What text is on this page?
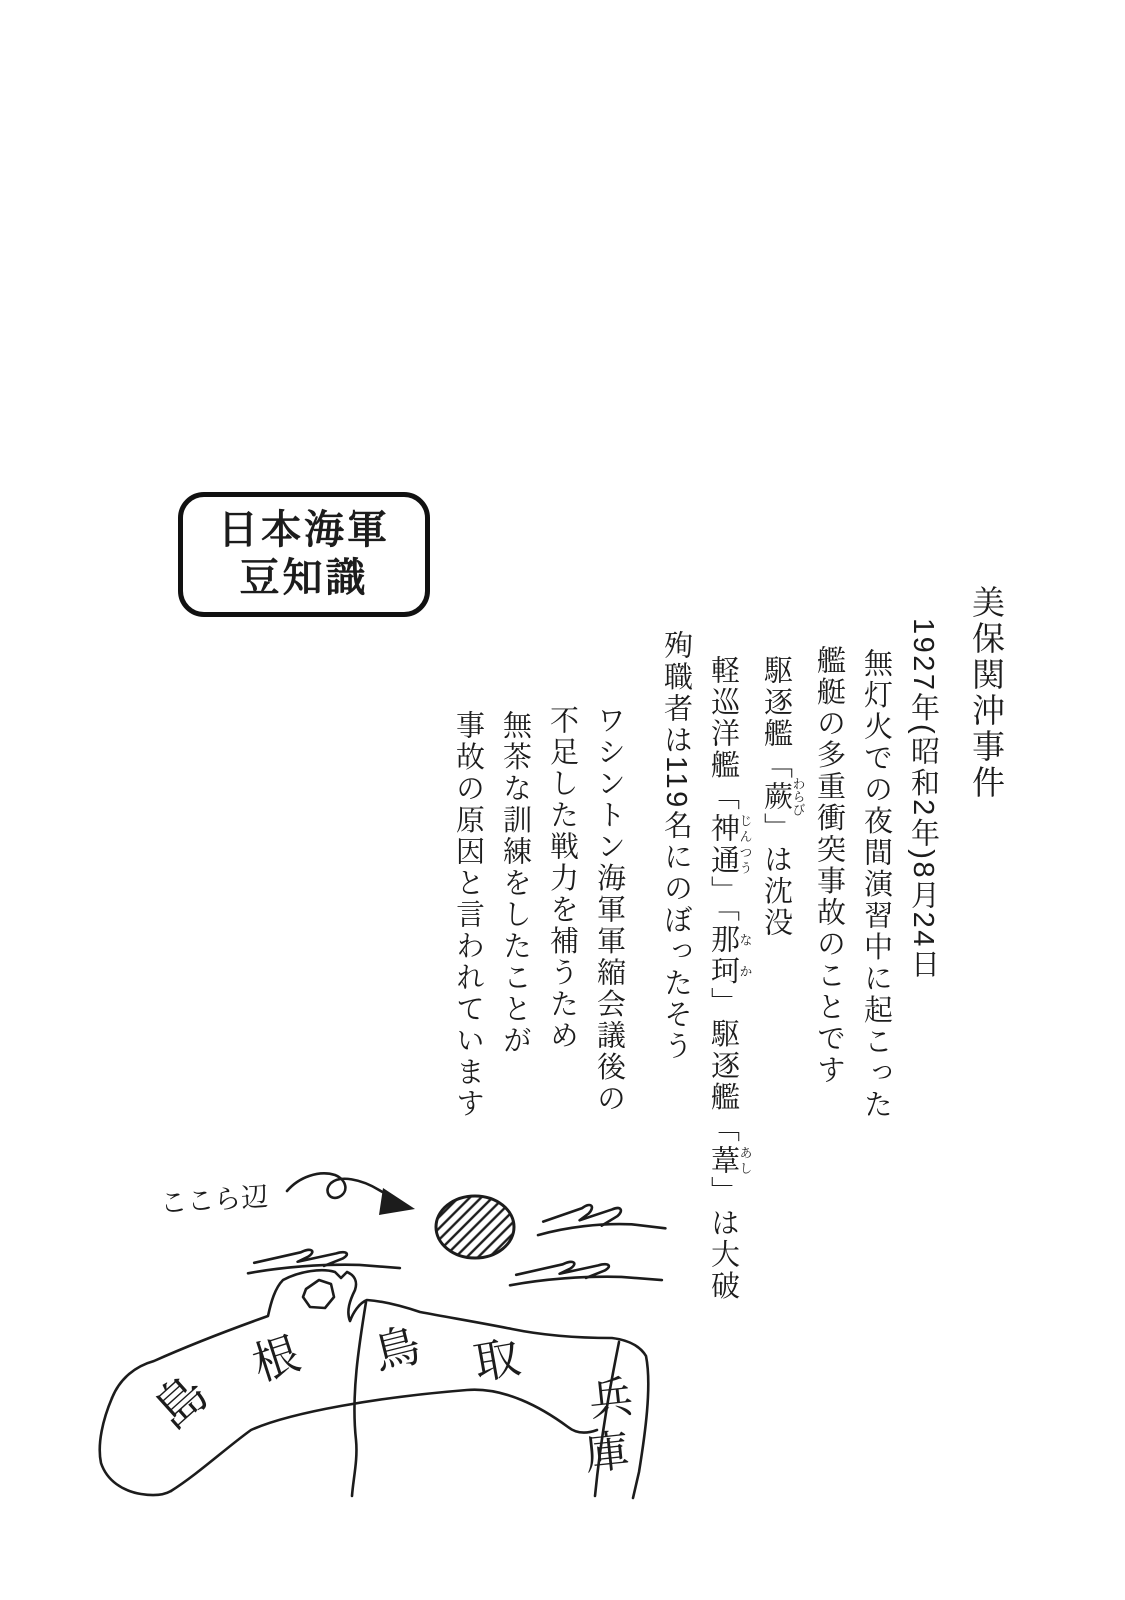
日本海軍
豆知識

美保関沖事件

1927年(昭和2年)8月24日

無灯火での夜間演習中に起こった

艦艇の多重衝突事故のことです

駆逐艦「蕨わらび」は沈没

軽巡洋艦「神通じんつう」「那珂なか」駆逐艦「葦あし」は大破

殉職者は119名にのぼったそう

ワシントン海軍軍縮会議後の

不足した戦力を補うため

無茶な訓練をしたことが

事故の原因と言われています

ここら辺
島
根 鳥 取
兵
庫
